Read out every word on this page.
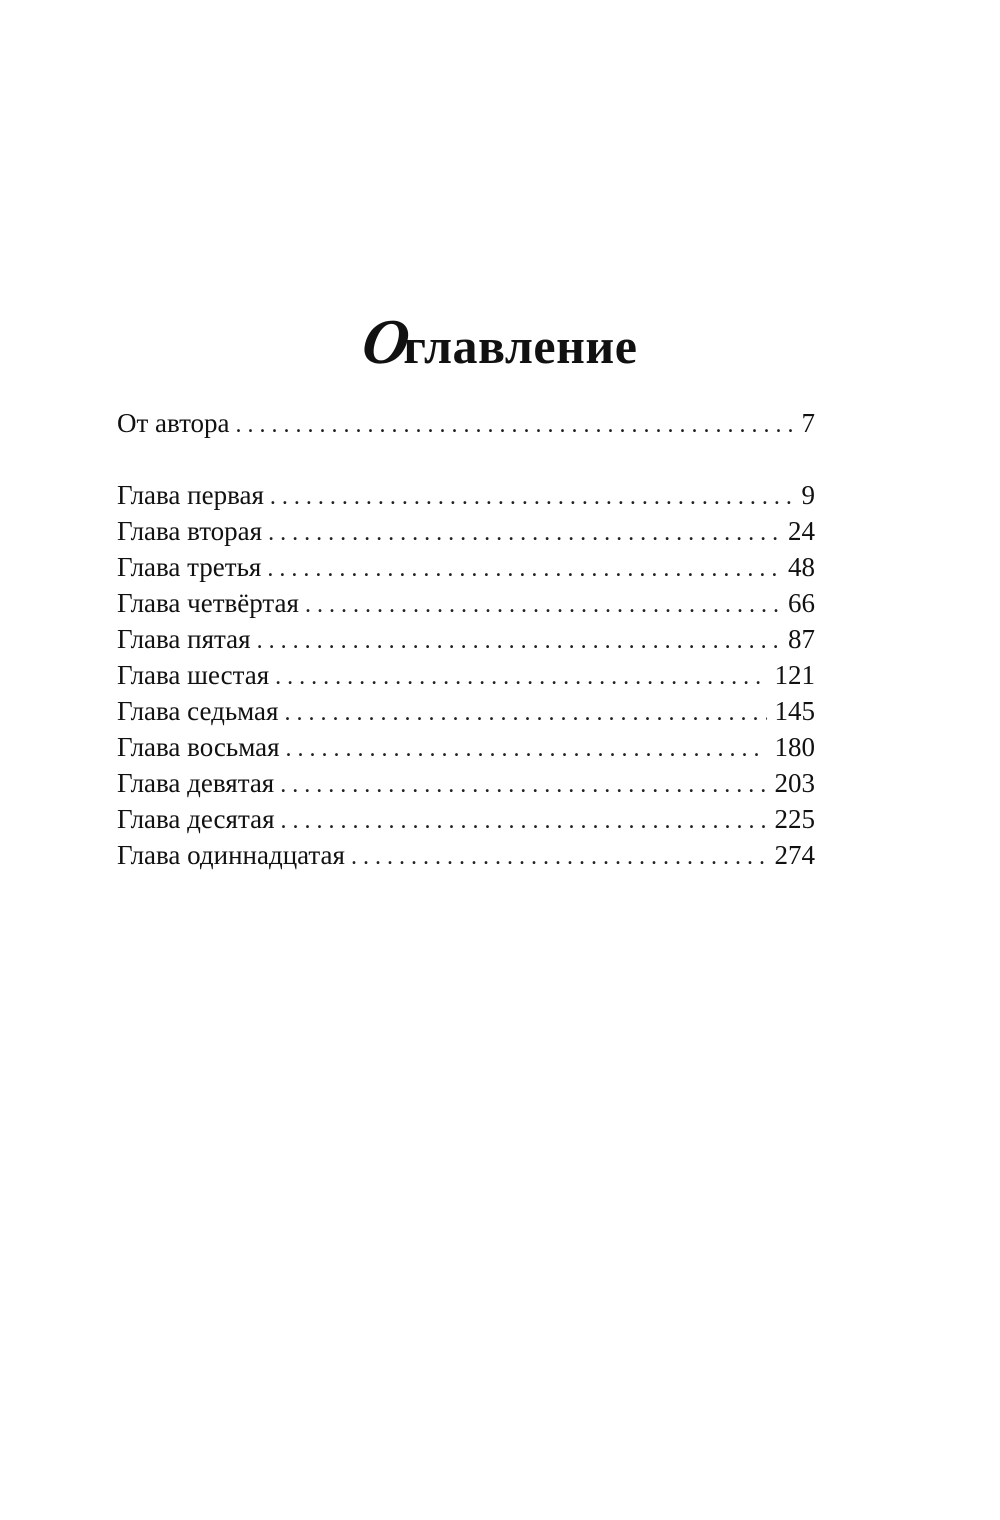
Оглавление
От автора . . .	7
Глава первая . . .	9
Глава вторая . . .	24
Глава третья . . .	48
Глава четвёртая . . .	66
Глава пятая . . .	87
Глава шестая . . .	121
Глава седьмая . . .	145
Глава восьмая . . .	180
Глава девятая . . .	203
Глава десятая . . .	225
Глава одиннадцатая . . .	274
